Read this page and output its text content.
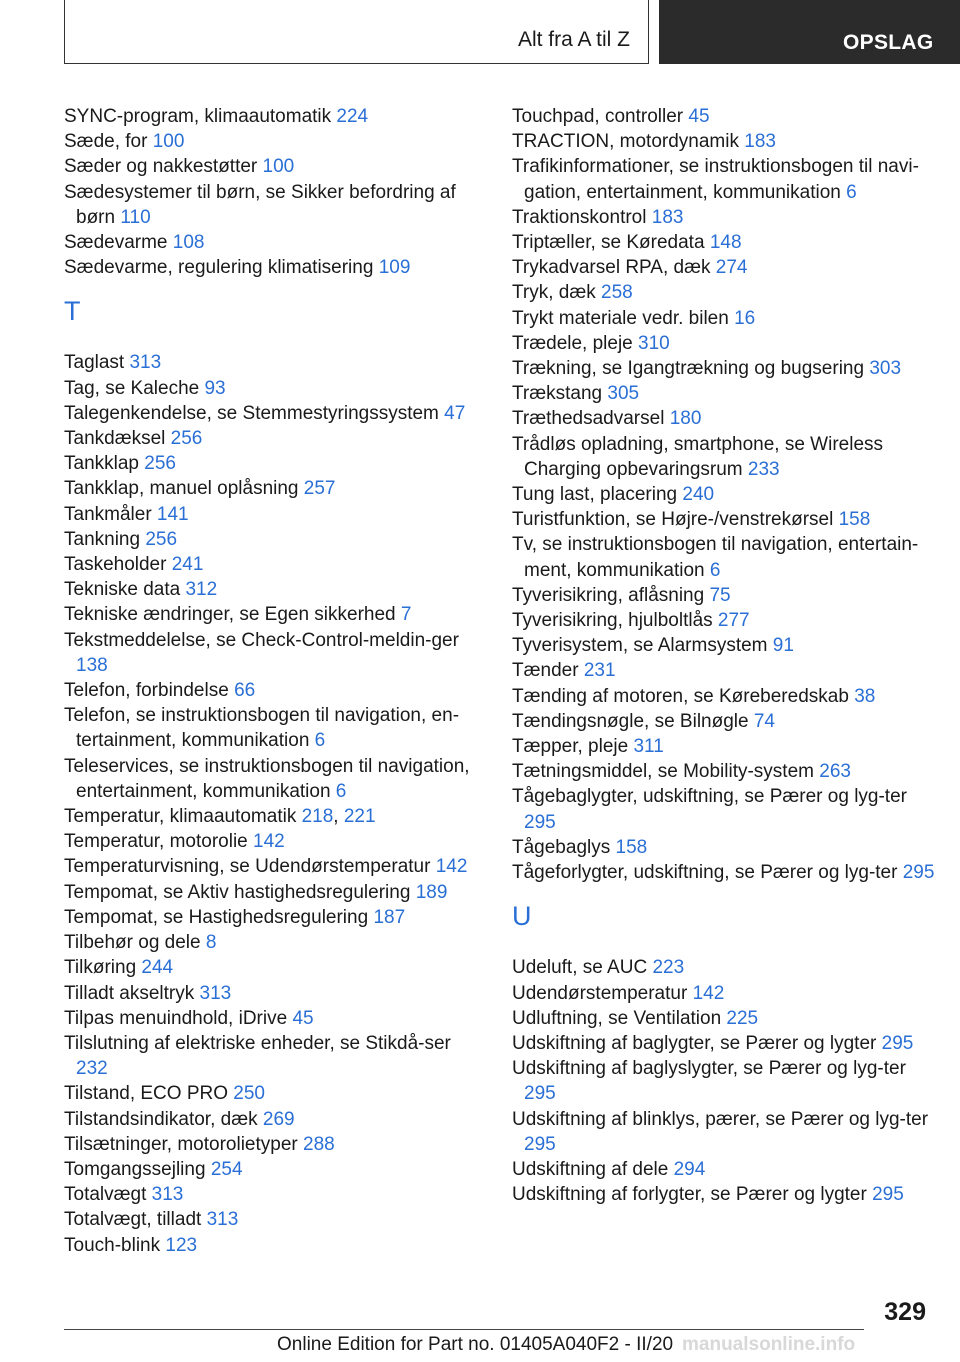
Alt fra A til Z	OPSLAG
SYNC-program, klimaautomatik 224
Sæde, for 100
Sæder og nakkestøtter 100
Sædesystemer til børn, se Sikker befordring af børn 110
Sædevarme 108
Sædevarme, regulering klimatisering 109
T
Taglast 313
Tag, se Kaleche 93
Talegenkendelse, se Stemmestyringssystem 47
Tankdæksel 256
Tankklap 256
Tankklap, manuel oplåsning 257
Tankmåler 141
Tankning 256
Taskeholder 241
Tekniske data 312
Tekniske ændringer, se Egen sikkerhed 7
Tekstmeddelelse, se Check-Control-meldin‐ger 138
Telefon, forbindelse 66
Telefon, se instruktionsbogen til navigation, en‐tertainment, kommunikation 6
Teleservices, se instruktionsbogen til navigation, entertainment, kommunikation 6
Temperatur, klimaautomatik 218, 221
Temperatur, motorolie 142
Temperaturvisning, se Udendørstemperatur 142
Tempomat, se Aktiv hastighedsregulering 189
Tempomat, se Hastighedsregulering 187
Tilbehør og dele 8
Tilkøring 244
Tilladt akseltryk 313
Tilpas menuindhold, iDrive 45
Tilslutning af elektriske enheder, se Stikdå‐ser 232
Tilstand, ECO PRO 250
Tilstandsindikator, dæk 269
Tilsætninger, motorolietyper 288
Tomgangssejling 254
Totalvægt 313
Totalvægt, tilladt 313
Touch-blink 123
Touchpad, controller 45
TRACTION, motordynamik 183
Trafikinformationer, se instruktionsbogen til navi‐gation, entertainment, kommunikation 6
Traktionskontrol 183
Triptæller, se Køredata 148
Trykadvarsel RPA, dæk 274
Tryk, dæk 258
Trykt materiale vedr. bilen 16
Trædele, pleje 310
Trækning, se Igangtrækning og bugsering 303
Trækstang 305
Træthedsadvarsel 180
Trådløs opladning, smartphone, se Wireless Charging opbevaringsrum 233
Tung last, placering 240
Turistfunktion, se Højre-/venstrekørsel 158
Tv, se instruktionsbogen til navigation, entertain‐ment, kommunikation 6
Tyverisikring, aflåsning 75
Tyverisikring, hjulboltlås 277
Tyverisystem, se Alarmsystem 91
Tænder 231
Tænding af motoren, se Køreberedskab 38
Tændingsnøgle, se Bilnøgle 74
Tæpper, pleje 311
Tætningsmiddel, se Mobility-system 263
Tågebaglygter, udskiftning, se Pærer og lyg‐ter 295
Tågebaglys 158
Tågeforlygter, udskiftning, se Pærer og lyg‐ter 295
U
Udeluft, se AUC 223
Udendørstemperatur 142
Udluftning, se Ventilation 225
Udskiftning af baglygter, se Pærer og lygter 295
Udskiftning af baglyslygter, se Pærer og lyg‐ter 295
Udskiftning af blinklys, pærer, se Pærer og lyg‐ter 295
Udskiftning af dele 294
Udskiftning af forlygter, se Pærer og lygter 295
329
Online Edition for Part no. 01405A040F2 - II/20 manualsonline.info
